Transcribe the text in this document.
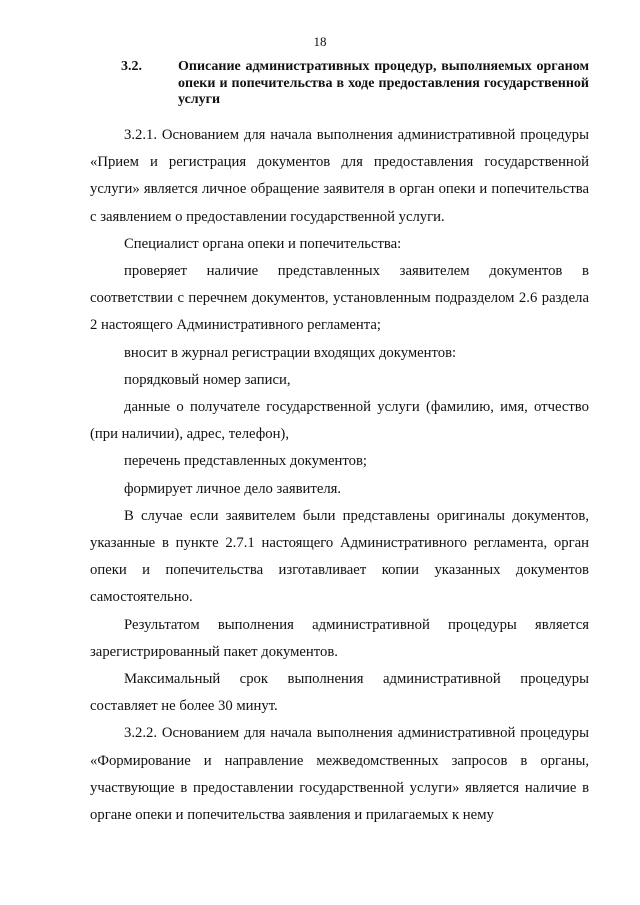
18
3.2.	Описание административных процедур, выполняемых органом опеки и попечительства в ходе предоставления государственной услуги

3.2.1. Основанием для начала выполнения административной процедуры «Прием и регистрация документов для предоставления государственной услуги» является личное обращение заявителя в орган опеки и попечительства с заявлением о предоставлении государственной услуги.

Специалист органа опеки и попечительства:

проверяет наличие представленных заявителем документов в соответствии с перечнем документов, установленным подразделом 2.6 раздела 2 настоящего Административного регламента;

вносит в журнал регистрации входящих документов:

порядковый номер записи,

данные о получателе государственной услуги (фамилию, имя, отчество (при наличии), адрес, телефон),

перечень представленных документов;

формирует личное дело заявителя.

В случае если заявителем были представлены оригиналы документов, указанные в пункте 2.7.1 настоящего Административного регламента, орган опеки и попечительства изготавливает копии указанных документов самостоятельно.

Результатом выполнения административной процедуры является зарегистрированный пакет документов.

Максимальный срок выполнения административной процедуры составляет не более 30 минут.

3.2.2. Основанием для начала выполнения административной процедуры «Формирование и направление межведомственных запросов в органы, участвующие в предоставлении государственной услуги» является наличие в органе опеки и попечительства заявления и прилагаемых к нему
